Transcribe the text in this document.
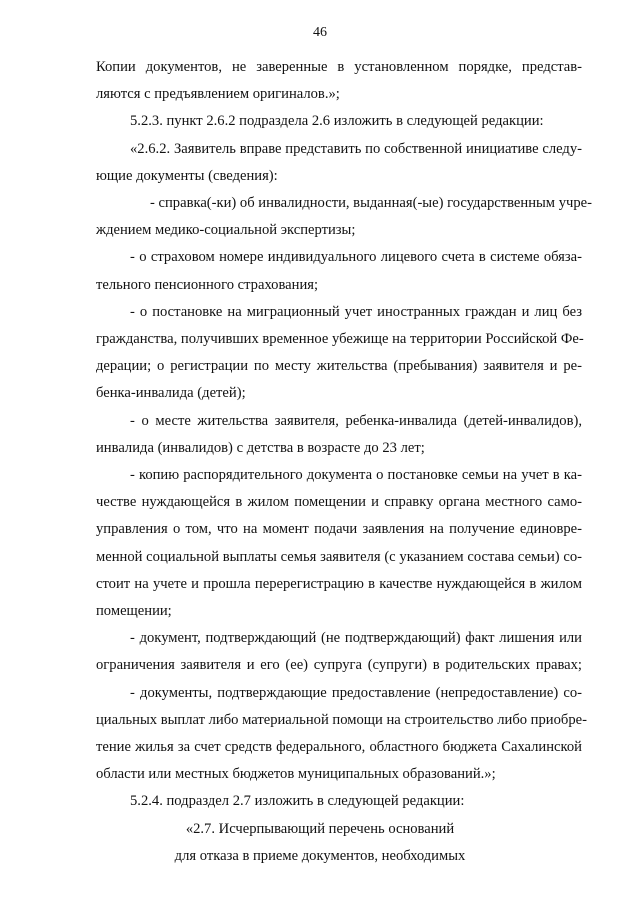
46
Копии документов, не заверенные в установленном порядке, представ-
ляются с предъявлением оригиналов.»;
5.2.3. пункт 2.6.2 подраздела 2.6 изложить в следующей редакции:
«2.6.2. Заявитель вправе представить по собственной инициативе следу-
ющие документы (сведения):
- справка(-ки) об инвалидности, выданная(-ые) государственным учре-
ждением медико-социальной экспертизы;
- о страховом номере индивидуального лицевого счета в системе обяза-
тельного пенсионного страхования;
- о постановке на миграционный учет иностранных граждан и лиц без
гражданства, получивших временное убежище на территории Российской Фе-
дерации; о регистрации по месту жительства (пребывания) заявителя и ре-
бенка-инвалида (детей);
- о месте жительства заявителя, ребенка-инвалида (детей-инвалидов),
инвалида (инвалидов) с детства в возрасте до 23 лет;
- копию распорядительного документа о постановке семьи на учет в ка-
честве нуждающейся в жилом помещении и справку органа местного само-
управления о том, что на момент подачи заявления на получение единовре-
менной социальной выплаты семья заявителя (с указанием состава семьи) со-
стоит на учете и прошла перерегистрацию в качестве нуждающейся в жилом
помещении;
- документ, подтверждающий (не подтверждающий) факт лишения или
ограничения заявителя и его (ее) супруга (супруги) в родительских правах;
- документы, подтверждающие предоставление (непредоставление) со-
циальных выплат либо материальной помощи на строительство либо приобре-
тение жилья за счет средств федерального, областного бюджета Сахалинской
области или местных бюджетов муниципальных образований.»;
5.2.4. подраздел 2.7 изложить в следующей редакции:
«2.7. Исчерпывающий перечень оснований
для отказа в приеме документов, необходимых
